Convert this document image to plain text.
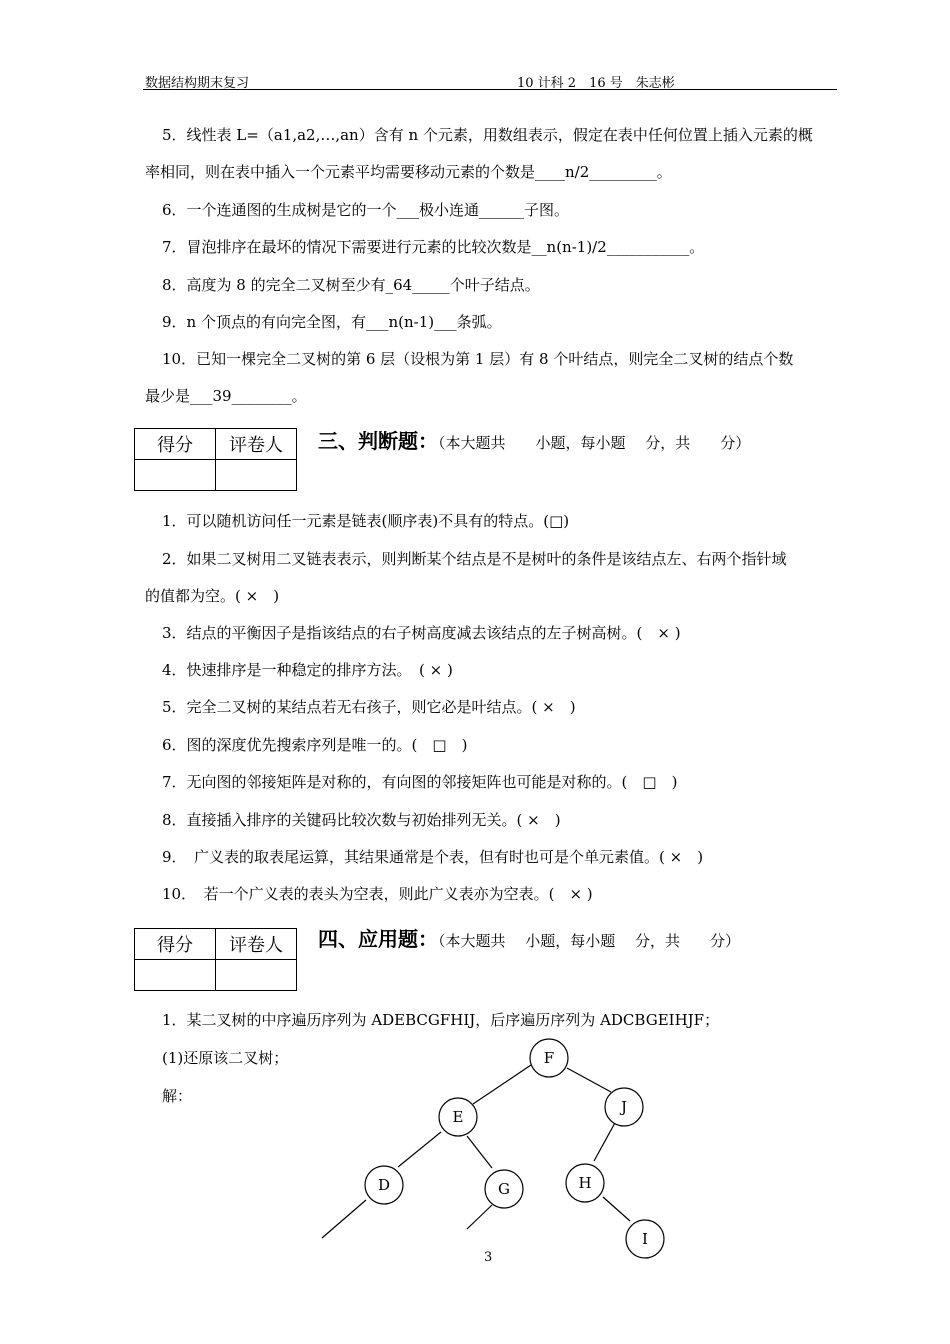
数据结构期末复习	10 计科 2　16 号　朱志彬
5．线性表 L=（a1,a2,…,an）含有 n 个元素，用数组表示，假定在表中任何位置上插入元素的概
率相同，则在表中插入一个元素平均需要移动元素的个数是____n/2_________。
6．一个连通图的生成树是它的一个___极小连通______子图。
7．冒泡排序在最坏的情况下需要进行元素的比较次数是__n(n-1)/2___________。
8．高度为 8 的完全二叉树至少有_64_____个叶子结点。
9．n 个顶点的有向完全图，有___n(n-1)___条弧。
10．已知一棵完全二叉树的第 6 层（设根为第 1 层）有 8 个叶结点，则完全二叉树的结点个数
最少是___39________。
得分	评卷人
	三、判断题：（本大题共　　小题，每小题　 分，共　　分）
1．可以随机访问任一元素是链表(顺序表)不具有的特点。(□)
2．如果二叉树用二叉链表表示，则判断某个结点是不是树叶的条件是该结点左、右两个指针域
的值都为空。( ×　)
3．结点的平衡因子是指该结点的右子树高度减去该结点的左子树高树。(　× )
4．快速排序是一种稳定的排序方法。　( × )
5．完全二叉树的某结点若无右孩子，则它必是叶结点。( ×　)
6．图的深度优先搜索序列是唯一的。(　□　)
7．无向图的邻接矩阵是对称的，有向图的邻接矩阵也可能是对称的。(　□　)
8．直接插入排序的关键码比较次数与初始排列无关。( ×　)
9．　广义表的取表尾运算，其结果通常是个表，但有时也可是个单元素值。( ×　)
10．　若一个广义表的表头为空表，则此广义表亦为空表。(　× )
得分	评卷人
	四、应用题：（本大题共　 小题，每小题　 分，共　　分）
1．某二叉树的中序遍历序列为 ADEBCGFHIJ，后序遍历序列为 ADCBGEIHJF；
(1)还原该二叉树；
解：
F
E
J
D	G	H
I
3
